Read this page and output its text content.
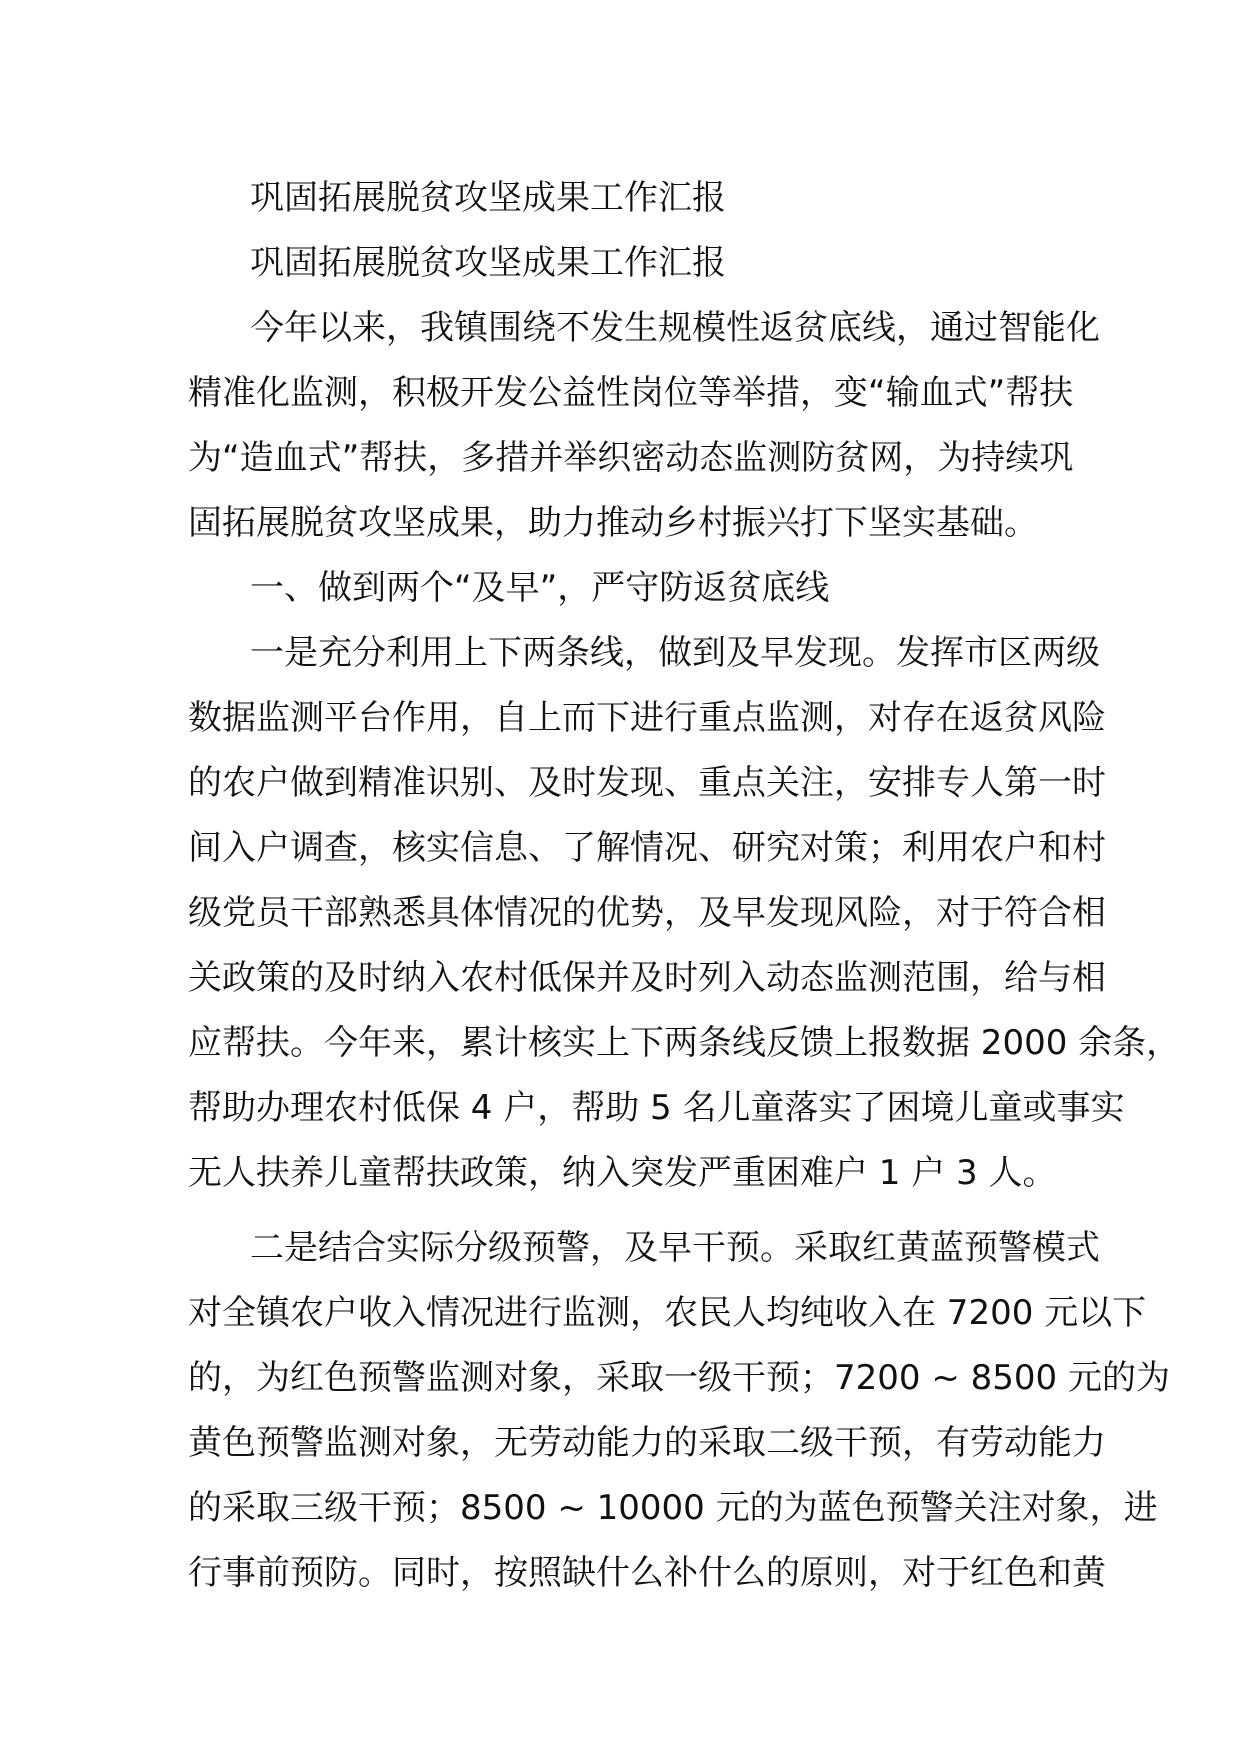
巩固拓展脱贫攻坚成果工作汇报
巩固拓展脱贫攻坚成果工作汇报
今年以来，我镇围绕不发生规模性返贫底线，通过智能化
精准化监测，积极开发公益性岗位等举措，变“输血式”帮扶
为“造血式”帮扶，多措并举织密动态监测防贫网，为持续巩
固拓展脱贫攻坚成果，助力推动乡村振兴打下坚实基础。
一、做到两个“及早”，严守防返贫底线
一是充分利用上下两条线，做到及早发现。发挥市区两级
数据监测平台作用，自上而下进行重点监测，对存在返贫风险
的农户做到精准识别、及时发现、重点关注，安排专人第一时
间入户调查，核实信息、了解情况、研究对策；利用农户和村
级党员干部熟悉具体情况的优势，及早发现风险，对于符合相
关政策的及时纳入农村低保并及时列入动态监测范围，给与相
应帮扶。今年来，累计核实上下两条线反馈上报数据 2000 余条，
帮助办理农村低保 4 户，帮助 5 名儿童落实了困境儿童或事实
无人扶养儿童帮扶政策，纳入突发严重困难户 1 户 3 人。
二是结合实际分级预警，及早干预。采取红黄蓝预警模式
对全镇农户收入情况进行监测，农民人均纯收入在 7200 元以下
的，为红色预警监测对象，采取一级干预；7200 ~ 8500 元的为
黄色预警监测对象，无劳动能力的采取二级干预，有劳动能力
的采取三级干预；8500 ~ 10000 元的为蓝色预警关注对象，进
行事前预防。同时，按照缺什么补什么的原则，对于红色和黄
